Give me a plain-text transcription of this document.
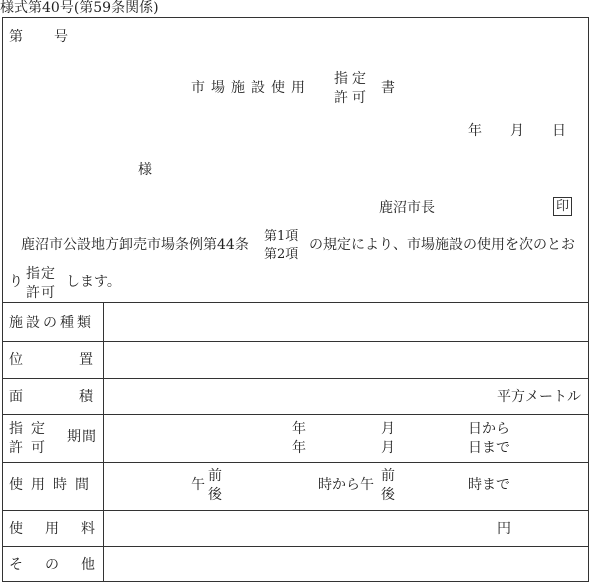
様式第40号(第59条関係)
第　　号
市場施設使用
指定
許可
書
年　　月　　日
様
鹿沼市長	印
鹿沼市公設地方卸売市場条例第44条
第1項
第2項
の規定により、市場施設の使用を次のとお
り 指定
許可
します。
施設の種類
位　　　　置
面　　　　積	平方メートル
指定
許可
期間	年	月	日から
年	月	日まで
使用時間	午
前
後
時から午
前
後
時まで
使　用　料	円
そ　の　他
